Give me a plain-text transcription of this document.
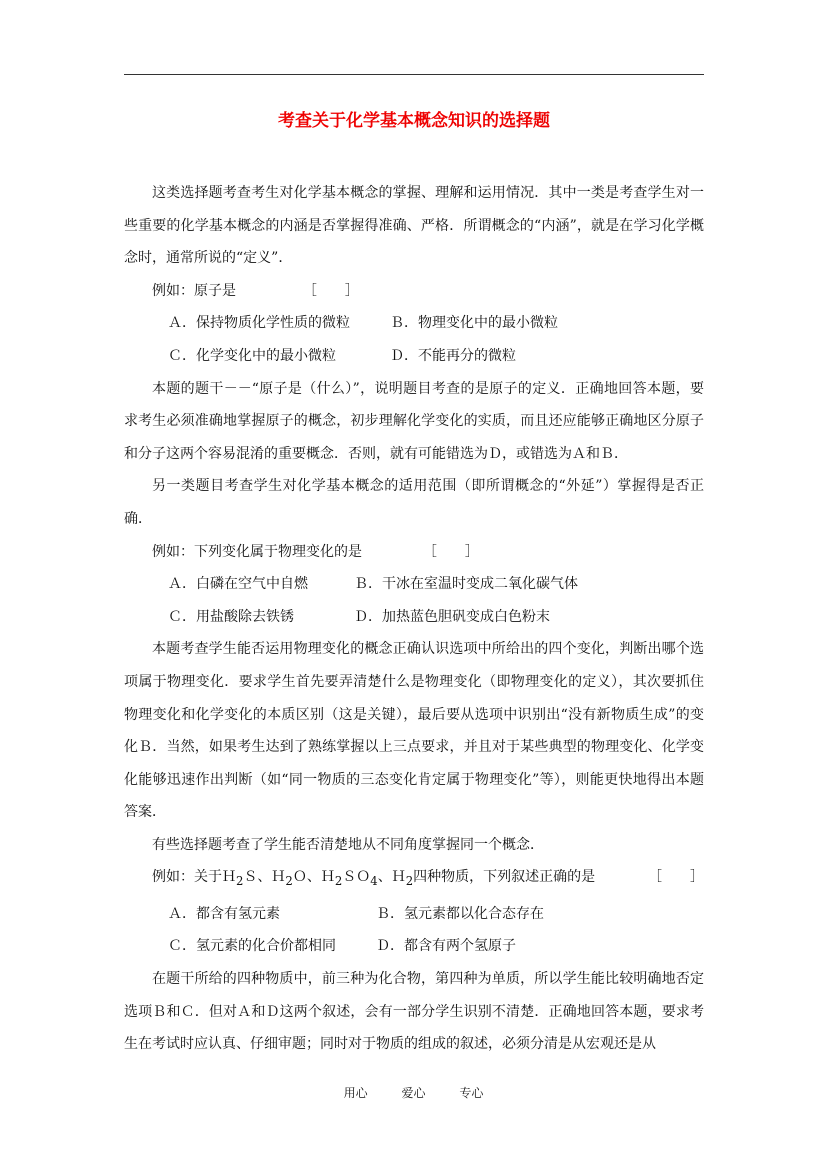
考查关于化学基本概念知识的选择题

这类选择题考查考生对化学基本概念的掌握、理解和运用情况．其中一类是考查学生对一些重要的化学基本概念的内涵是否掌握得准确、严格．所谓概念的“内涵”，就是在学习化学概念时，通常所说的“定义”．

例如：原子是	［　　］

Ａ．保持物质化学性质的微粒	Ｂ．物理变化中的最小微粒
Ｃ．化学变化中的最小微粒	Ｄ．不能再分的微粒

本题的题干－－“原子是（什么）”，说明题目考查的是原子的定义．正确地回答本题，要求考生必须准确地掌握原子的概念，初步理解化学变化的实质，而且还应能够正确地区分原子和分子这两个容易混淆的重要概念．否则，就有可能错选为Ｄ，或错选为Ａ和Ｂ．

另一类题目考查学生对化学基本概念的适用范围（即所谓概念的“外延”）掌握得是否正确．

例如：下列变化属于物理变化的是	［　　］

Ａ．白磷在空气中自燃	Ｂ．干冰在室温时变成二氧化碳气体
Ｃ．用盐酸除去铁锈	Ｄ．加热蓝色胆矾变成白色粉末

本题考查学生能否运用物理变化的概念正确认识选项中所给出的四个变化，判断出哪个选项属于物理变化．要求学生首先要弄清楚什么是物理变化（即物理变化的定义），其次要抓住物理变化和化学变化的本质区别（这是关键），最后要从选项中识别出“没有新物质生成”的变化Ｂ．当然，如果考生达到了熟练掌握以上三点要求，并且对于某些典型的物理变化、化学变化能够迅速作出判断（如“同一物质的三态变化肯定属于物理变化”等），则能更快地得出本题答案．

有些选择题考查了学生能否清楚地从不同角度掌握同一个概念．

例如：关于Ｈ$_2$Ｓ、Ｈ$_2$Ｏ、Ｈ$_2$ＳＯ$_4$、Ｈ$_2$四种物质，下列叙述正确的是	［　　］

Ａ．都含有氢元素	Ｂ．氢元素都以化合态存在
Ｃ．氢元素的化合价都相同	Ｄ．都含有两个氢原子

在题干所给的四种物质中，前三种为化合物，第四种为单质，所以学生能比较明确地否定选项Ｂ和Ｃ．但对Ａ和Ｄ这两个叙述，会有一部分学生识别不清楚．正确地回答本题，要求考生在考试时应认真、仔细审题；同时对于物质的组成的叙述，必须分清是从宏观还是从

用心	爱心	专心
